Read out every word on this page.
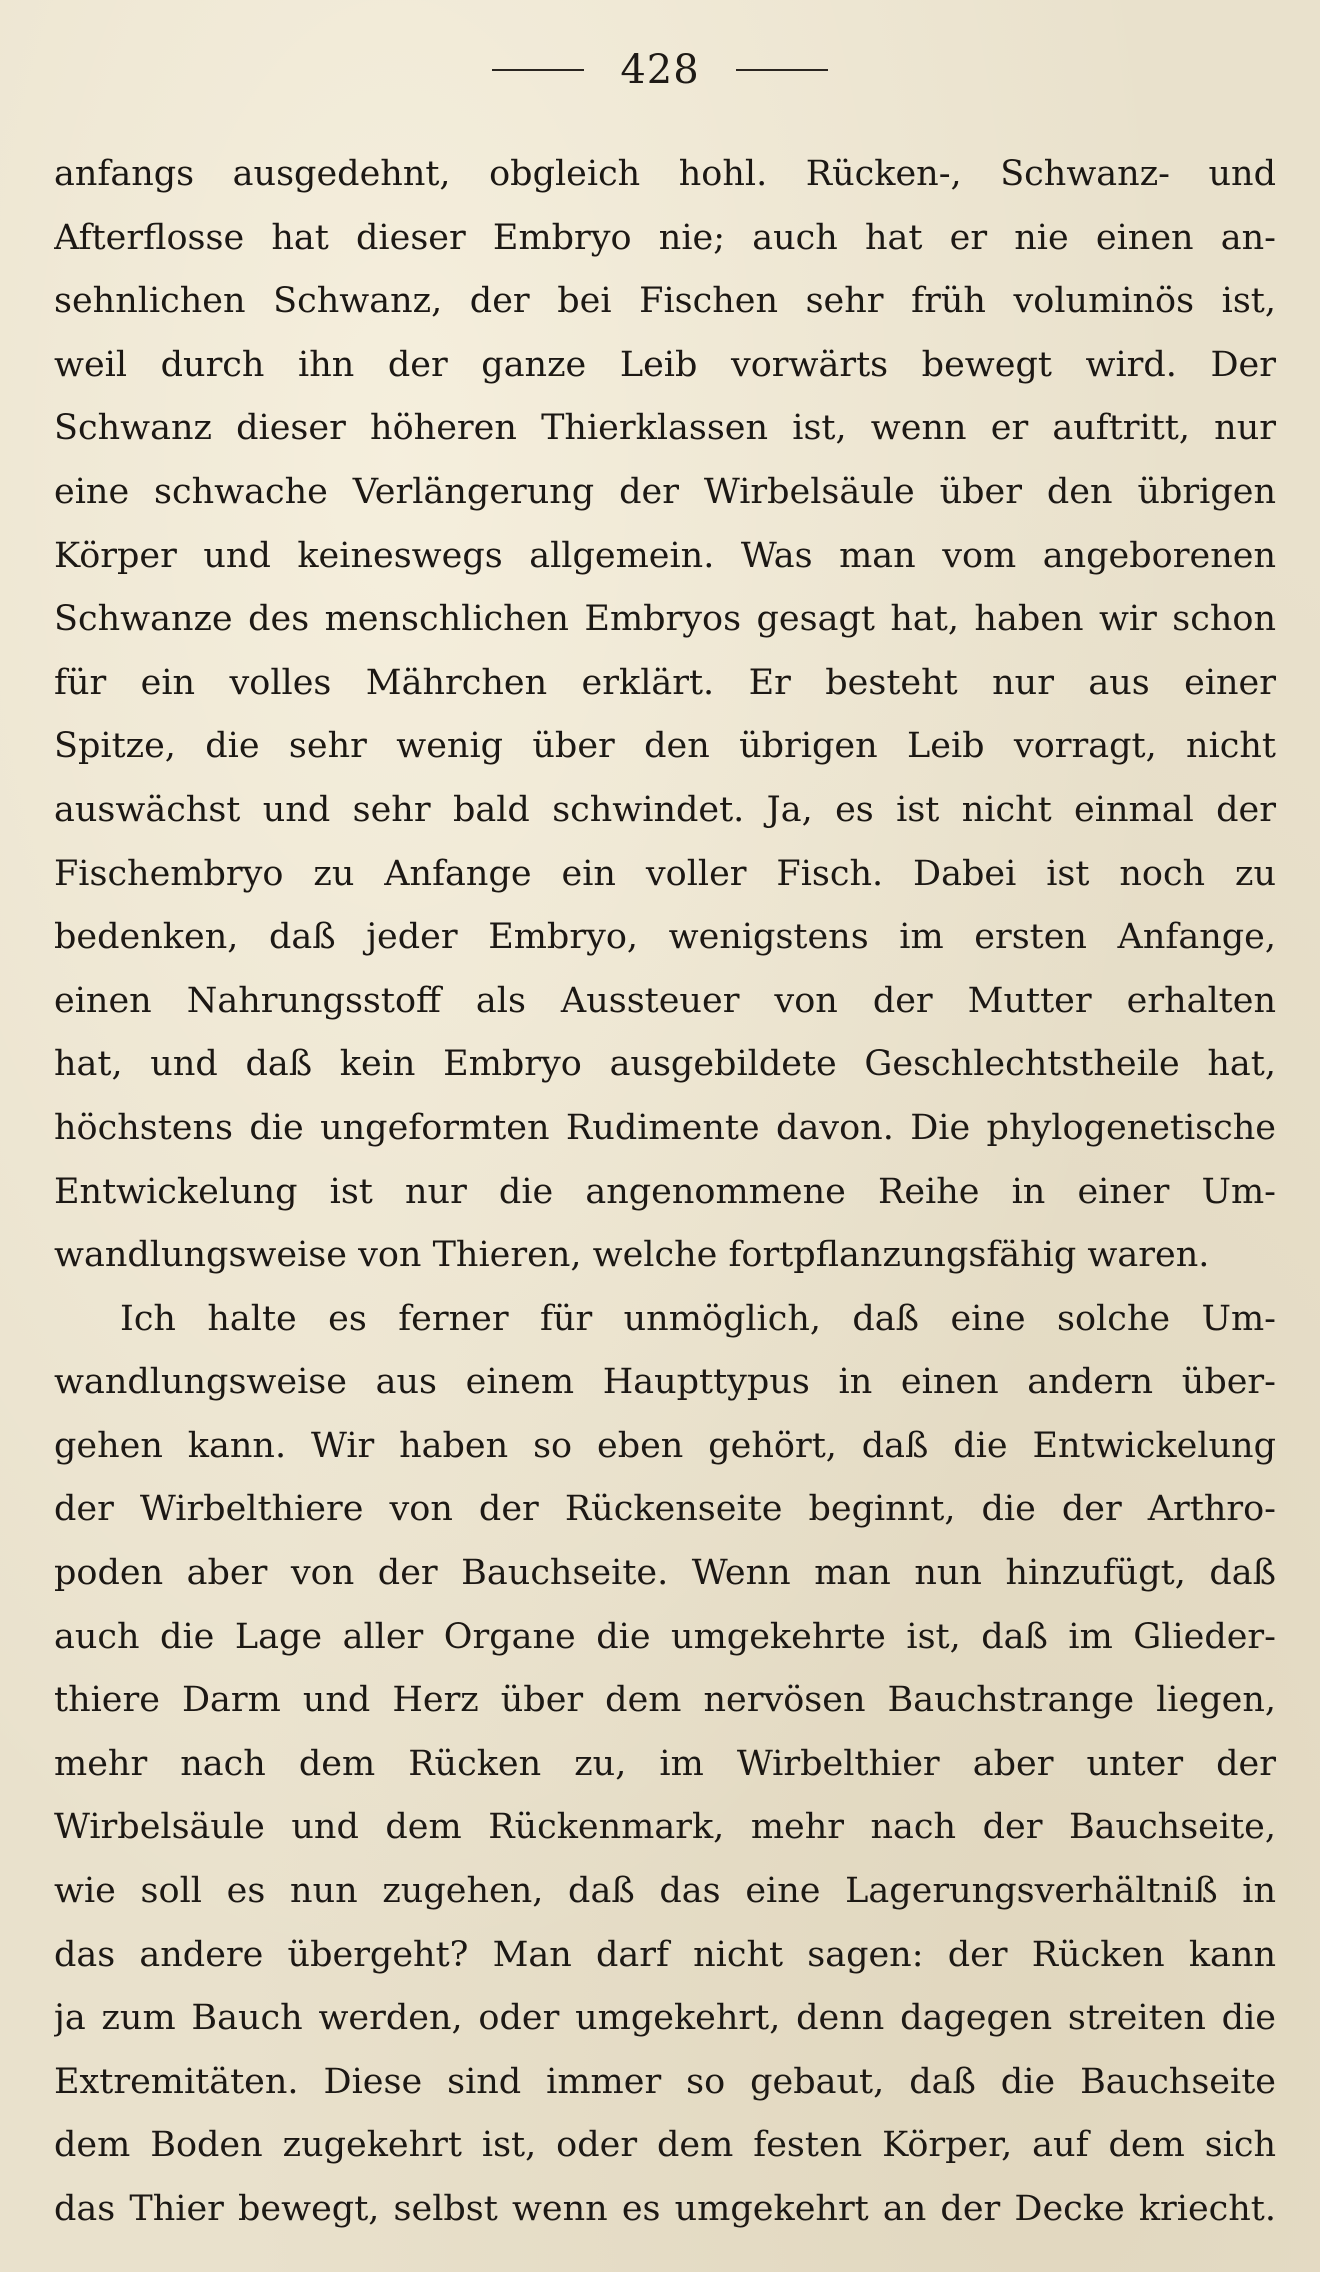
428
anfangs ausgedehnt, obgleich hohl. Rücken-, Schwanz- und
Afterflosse hat dieser Embryo nie; auch hat er nie einen an-
sehnlichen Schwanz, der bei Fischen sehr früh voluminös ist,
weil durch ihn der ganze Leib vorwärts bewegt wird. Der
Schwanz dieser höheren Thierklassen ist, wenn er auftritt, nur
eine schwache Verlängerung der Wirbelsäule über den übrigen
Körper und keineswegs allgemein. Was man vom angeborenen
Schwanze des menschlichen Embryos gesagt hat, haben wir schon
für ein volles Mährchen erklärt. Er besteht nur aus einer
Spitze, die sehr wenig über den übrigen Leib vorragt, nicht
auswächst und sehr bald schwindet. Ja, es ist nicht einmal der
Fischembryo zu Anfange ein voller Fisch. Dabei ist noch zu
bedenken, daß jeder Embryo, wenigstens im ersten Anfange,
einen Nahrungsstoff als Aussteuer von der Mutter erhalten
hat, und daß kein Embryo ausgebildete Geschlechtstheile hat,
höchstens die ungeformten Rudimente davon. Die phylogenetische
Entwickelung ist nur die angenommene Reihe in einer Um-
wandlungsweise von Thieren, welche fortpflanzungsfähig waren.
Ich halte es ferner für unmöglich, daß eine solche Um-
wandlungsweise aus einem Haupttypus in einen andern über-
gehen kann. Wir haben so eben gehört, daß die Entwickelung
der Wirbelthiere von der Rückenseite beginnt, die der Arthro-
poden aber von der Bauchseite. Wenn man nun hinzufügt, daß
auch die Lage aller Organe die umgekehrte ist, daß im Glieder-
thiere Darm und Herz über dem nervösen Bauchstrange liegen,
mehr nach dem Rücken zu, im Wirbelthier aber unter der
Wirbelsäule und dem Rückenmark, mehr nach der Bauchseite,
wie soll es nun zugehen, daß das eine Lagerungsverhältniß in
das andere übergeht? Man darf nicht sagen: der Rücken kann
ja zum Bauch werden, oder umgekehrt, denn dagegen streiten die
Extremitäten. Diese sind immer so gebaut, daß die Bauchseite
dem Boden zugekehrt ist, oder dem festen Körper, auf dem sich
das Thier bewegt, selbst wenn es umgekehrt an der Decke kriecht.
